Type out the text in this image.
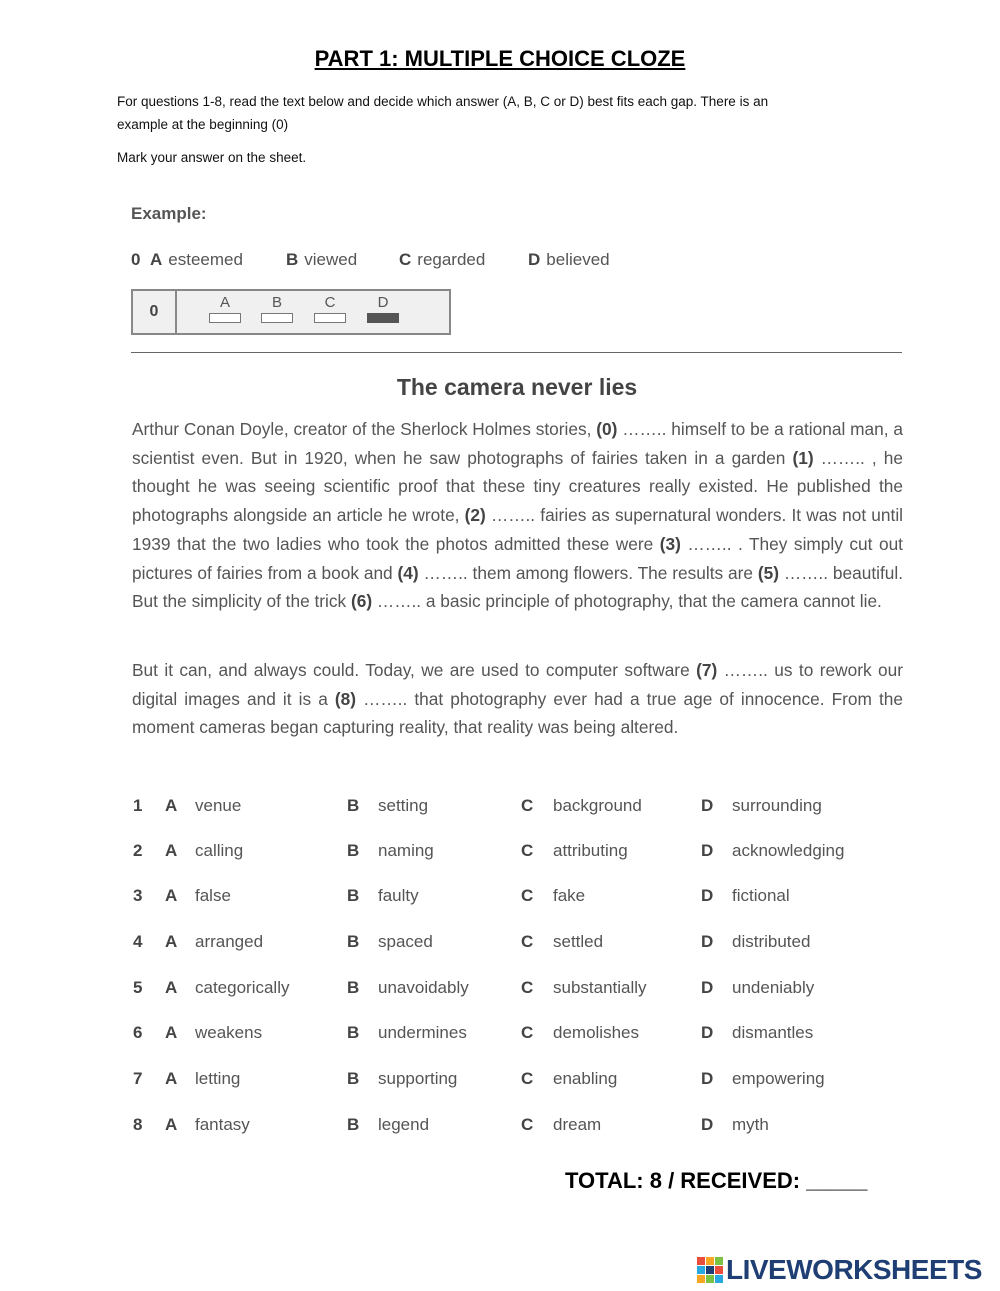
PART 1: MULTIPLE CHOICE CLOZE
For questions 1-8, read the text below and decide which answer (A, B, C or D) best fits each gap. There is an
example at the beginning (0)
Mark your answer on the sheet.
Example:
0 A esteemed	B viewed C regarded	D believed
0
A	B	C	D
The camera never lies
Arthur Conan Doyle, creator of the Sherlock Holmes stories, (0) …….. himself to be a rational man, a scientist even. But in 1920, when he saw photographs of fairies taken in a garden (1) …….. , he thought he was seeing scientific proof that these tiny creatures really existed. He published the photographs alongside an article he wrote, (2) …….. fairies as supernatural wonders. It was not until 1939 that the two ladies who took the photos admitted these were (3) …….. . They simply cut out pictures of fairies from a book and (4) …….. them among flowers. The results are (5) …….. beautiful. But the simplicity of the trick (6) …….. a basic principle of photography, that the camera cannot lie.
But it can, and always could. Today, we are used to computer software (7) …….. us to rework our digital images and it is a (8) …….. that photography ever had a true age of innocence. From the moment cameras began capturing reality, that reality was being altered.
1 A venue	B setting	C background	D surrounding
2 A calling	B naming	C attributing	D acknowledging
3 A false	B faulty	C fake	D fictional
4 A arranged	B spaced	C settled	D distributed
5 A categorically	B unavoidably	C substantially	D undeniably
6 A weakens	B undermines	C demolishes	D dismantles
7 A letting	B supporting	C enabling	D empowering
8 A fantasy	B legend	C dream	D myth
TOTAL: 8 / RECEIVED: _____
LIVEWORKSHEETS
